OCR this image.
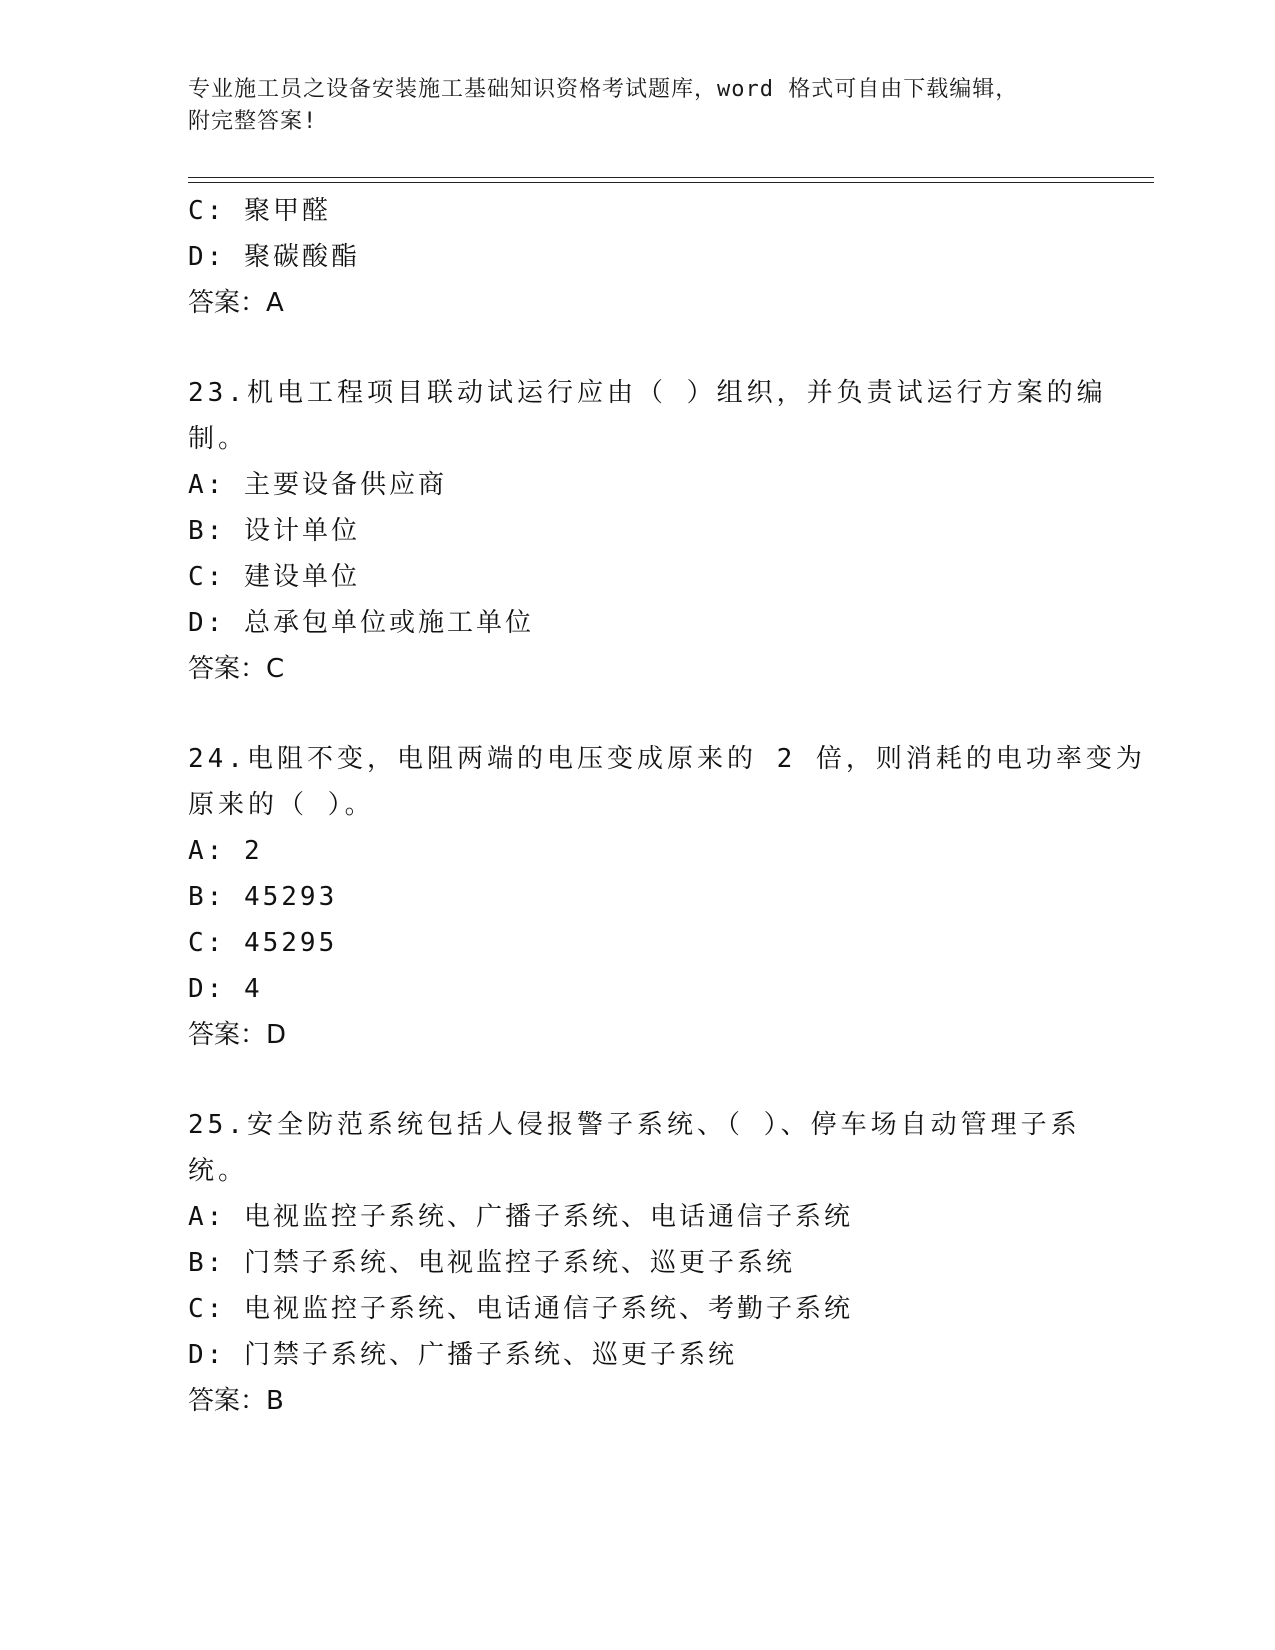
专业施工员之设备安装施工基础知识资格考试题库，word 格式可自由下载编辑，
附完整答案!
C: 聚甲醛
D: 聚碳酸酯
答案：A
23.机电工程项目联动试运行应由（ ）组织，并负责试运行方案的编
制。
A: 主要设备供应商
B: 设计单位
C: 建设单位
D: 总承包单位或施工单位
答案：C
24.电阻不变，电阻两端的电压变成原来的 2 倍，则消耗的电功率变为
原来的（ ）。
A: 2
B: 45293
C: 45295
D: 4
答案：D
25.安全防范系统包括人侵报警子系统、（ ）、停车场自动管理子系
统。
A: 电视监控子系统、广播子系统、电话通信子系统
B: 门禁子系统、电视监控子系统、巡更子系统
C: 电视监控子系统、电话通信子系统、考勤子系统
D: 门禁子系统、广播子系统、巡更子系统
答案：B
